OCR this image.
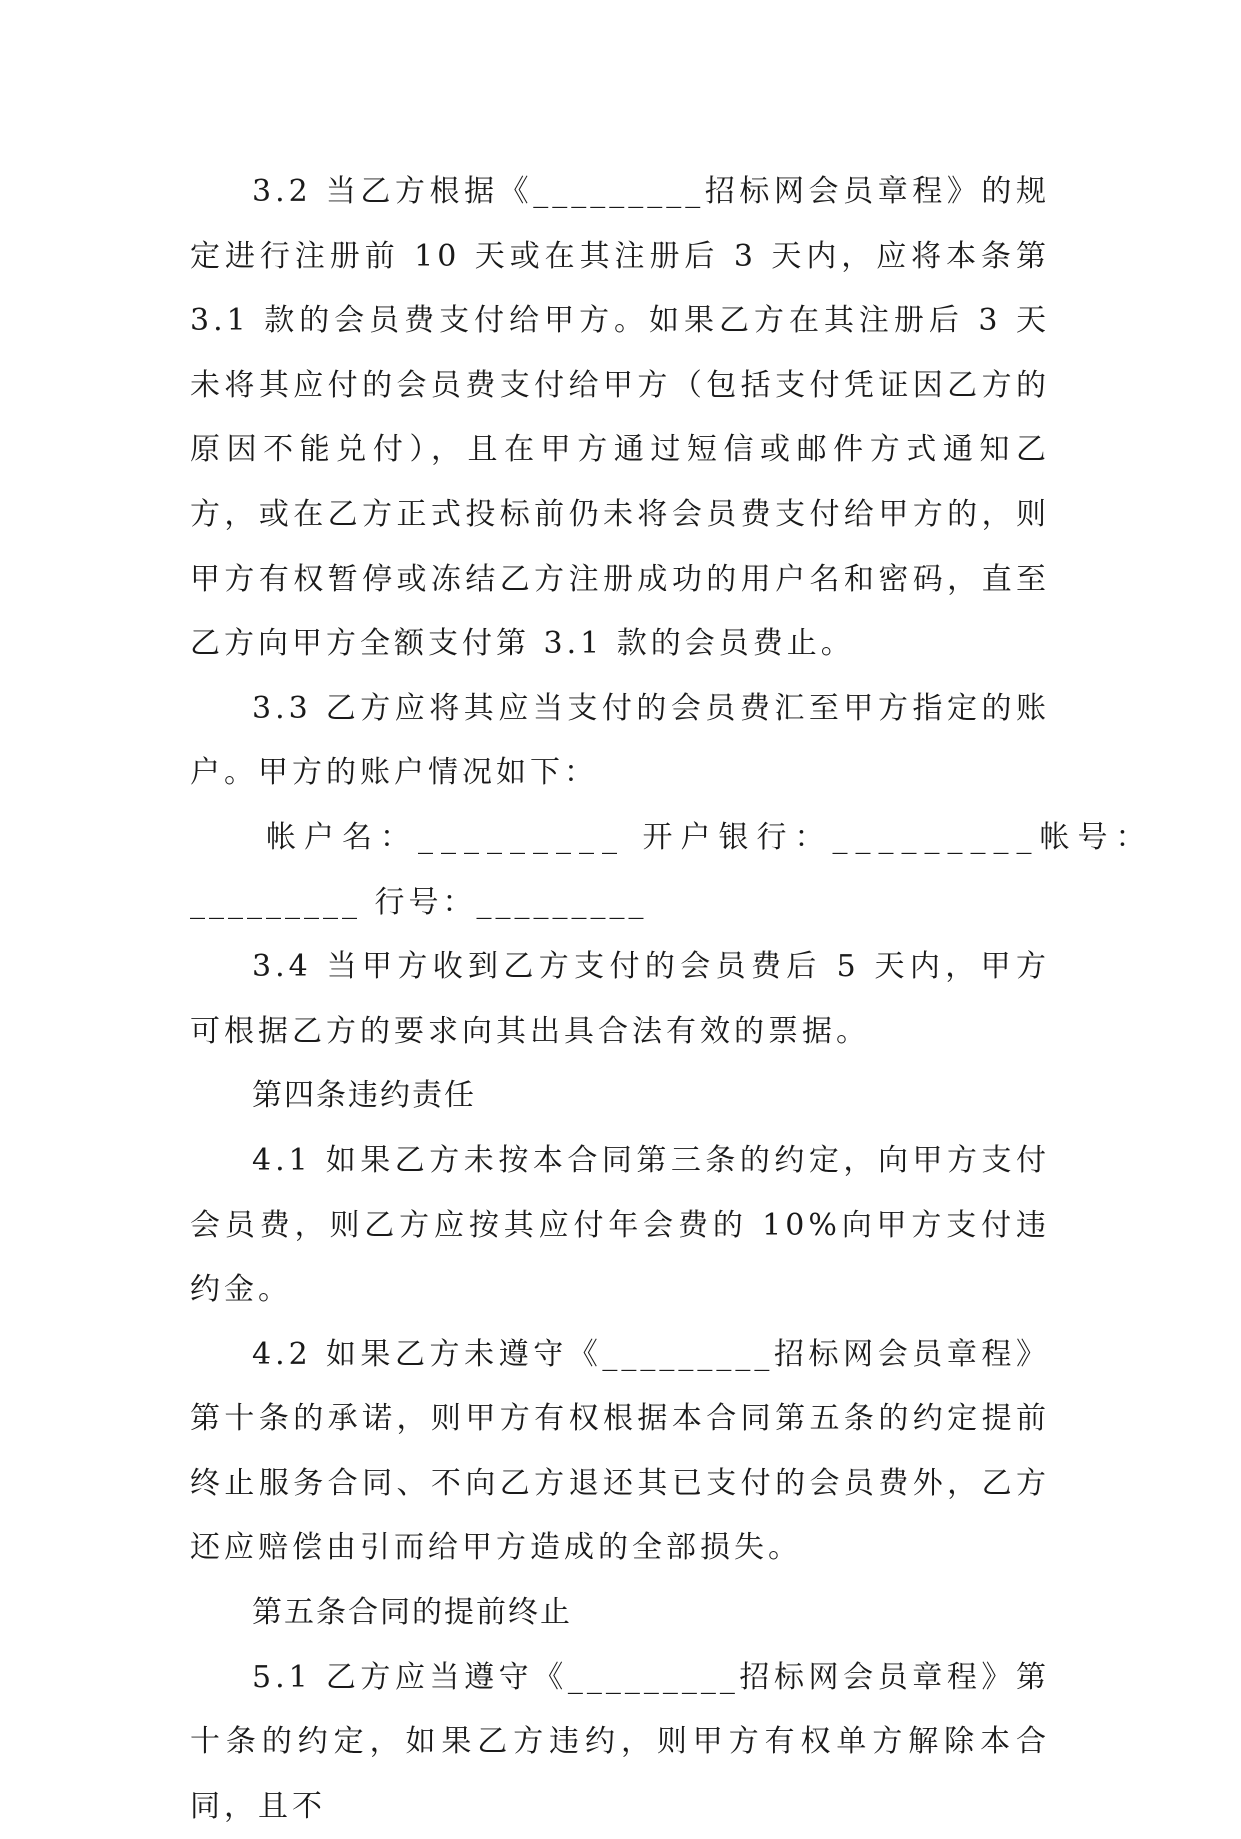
3.2 当乙方根据《_________招标网会员章程》的规定进行注册前 10 天或在其注册后 3 天内，应将本条第 3.1 款的会员费支付给甲方。如果乙方在其注册后 3 天未将其应付的会员费支付给甲方（包括支付凭证因乙方的原因不能兑付），且在甲方通过短信或邮件方式通知乙方，或在乙方正式投标前仍未将会员费支付给甲方的，则甲方有权暂停或冻结乙方注册成功的用户名和密码，直至乙方向甲方全额支付第 3.1 款的会员费止。

3.3 乙方应将其应当支付的会员费汇至甲方指定的账户。甲方的账户情况如下：

帐户名：_________ 开户银行：_________帐号：

_________ 行号：_________

3.4 当甲方收到乙方支付的会员费后 5 天内，甲方可根据乙方的要求向其出具合法有效的票据。

第四条违约责任

4.1 如果乙方未按本合同第三条的约定，向甲方支付会员费，则乙方应按其应付年会费的 10%向甲方支付违约金。

4.2 如果乙方未遵守《_________招标网会员章程》第十条的承诺，则甲方有权根据本合同第五条的约定提前终止服务合同、不向乙方退还其已支付的会员费外，乙方还应赔偿由引而给甲方造成的全部损失。

第五条合同的提前终止

5.1 乙方应当遵守《_________招标网会员章程》第十条的约定，如果乙方违约，则甲方有权单方解除本合同，且不
